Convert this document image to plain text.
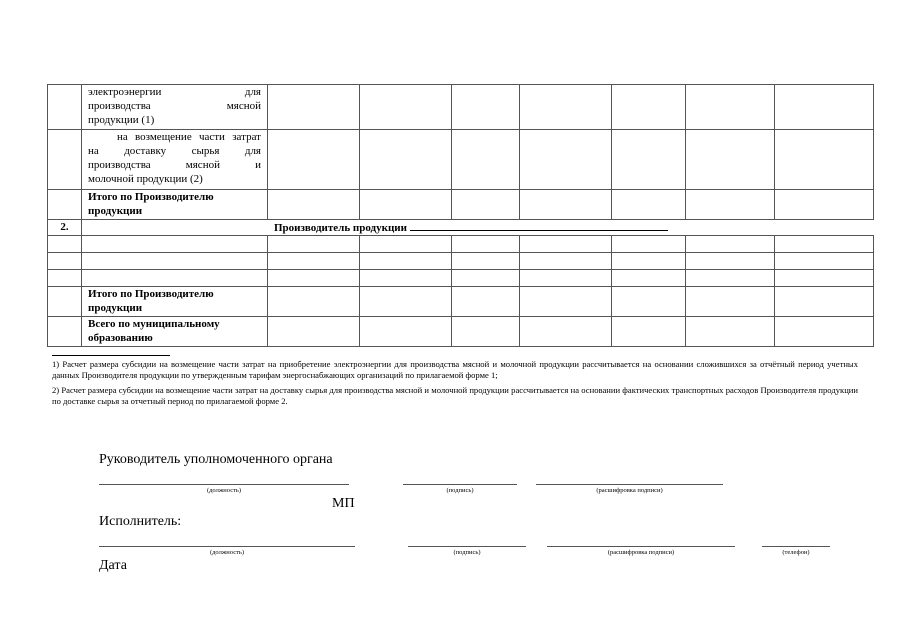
	электроэнергии для
производства мясной
продукции (1)							

	на возмещение части затрат
на доставку сырья для
производства мясной и
молочной продукции (2)							

	Итого по Производителю продукции							
2.	Производитель продукции							

	Итого по Производителю продукции							
	Всего по муниципальному образованию							
1) Расчет размера субсидии на возмещение части затрат на приобретение электроэнергии для производства мясной и молочной продукции рассчитывается на основании сложившихся за отчётный период учетных данных Производителя продукции по утвержденным тарифам энергоснабжающих организаций по прилагаемой форме 1;
2) Расчет размера субсидии на возмещение части затрат на доставку сырья для производства мясной и молочной продукции рассчитывается на основании фактических транспортных расходов Производителя продукции по доставке сырья за отчетный период по прилагаемой форме 2.
Руководитель уполномоченного органа
(должность)	(подпись)	(расшифровка подписи)
МП
Исполнитель:
(должность)	(подпись)	(расшифровка подписи)	(телефон)
Дата
